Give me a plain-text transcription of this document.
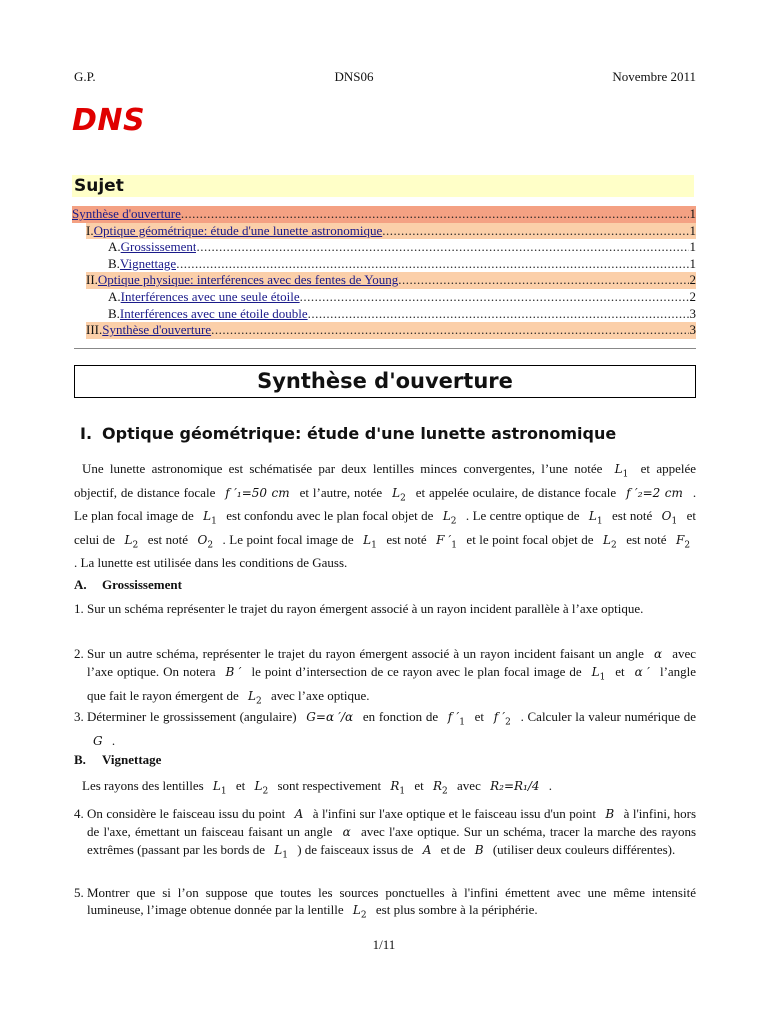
G.P.	DNS06	Novembre 2011
DNS
Sujet
Synthèse d'ouverture .....	1
I. Optique géométrique: étude d'une lunette astronomique .....	1
A. Grossissement .....	1
B. Vignettage .....	1
II. Optique physique: interférences avec des fentes de Young .....	2
A. Interférences avec une seule étoile .....	2
B. Interférences avec une étoile double .....	3
III. Synthèse d'ouverture .....	3
Synthèse d'ouverture
I. Optique géométrique: étude d'une lunette astronomique
Une lunette astronomique est schématisée par deux lentilles minces convergentes, l’une notée $L_1$ et appelée objectif, de distance focale f ′₁=50 cm et l’autre, notée $L_2$ et appelée oculaire, de distance focale f ′₂=2 cm . Le plan focal image de $L_1$ est confondu avec le plan focal objet de $L_2$ . Le centre optique de $L_1$ est noté $O_1$ et celui de $L_2$ est noté $O_2$ . Le point focal image de $L_1$ est noté F $'_1$ et le point focal objet de $L_2$ est noté $F_2$ . La lunette est utilisée dans les conditions de Gauss.
A. Grossissement
1. Sur un schéma représenter le trajet du rayon émergent associé à un rayon incident parallèle à l’axe optique.
2. Sur un autre schéma, représenter le trajet du rayon émergent associé à un rayon incident faisant un angle α avec l’axe optique. On notera B ′ le point d’intersection de ce rayon avec le plan focal image de $L_1$ et α ′ l’angle que fait le rayon émergent de $L_2$ avec l’axe optique.
3. Déterminer le grossissement (angulaire) G=α ′/α en fonction de f $'_1$ et f $'_2$ . Calculer la valeur numérique de G .
B. Vignettage
Les rayons des lentilles $L_1$ et $L_2$ sont respectivement $R_1$ et $R_2$ avec R₂=R₁/4 .
4. On considère le faisceau issu du point A à l'infini sur l'axe optique et le faisceau issu d'un point B à l'infini, hors de l'axe, émettant un faisceau faisant un angle α avec l'axe optique. Sur un schéma, tracer la marche des rayons extrêmes (passant par les bords de $L_1$ ) de faisceaux issus de A et de B (utiliser deux couleurs différentes).
5. Montrer que si l’on suppose que toutes les sources ponctuelles à l'infini émettent avec une même intensité lumineuse, l’image obtenue donnée par la lentille $L_2$ est plus sombre à la périphérie.
1/11
